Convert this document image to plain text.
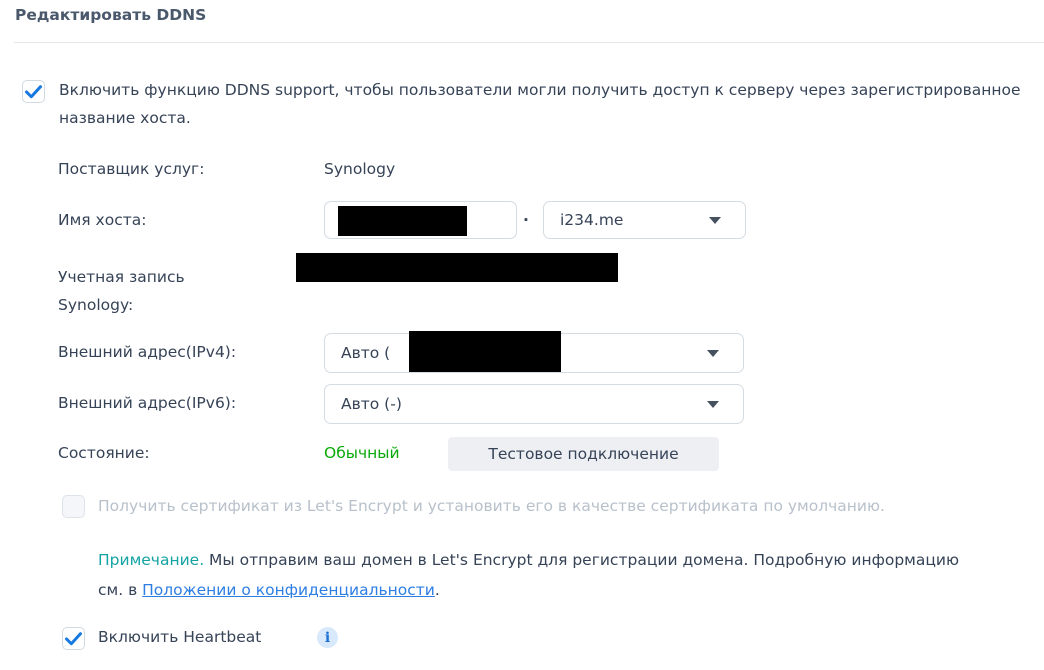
Редактировать DDNS
Включить функцию DDNS support, чтобы пользователи могли получить доступ к серверу через зарегистрированное название хоста.
Поставщик услуг:	Synology
Имя хоста:	. i234.me
Учетная запись Synology:
Внешний адрес(IPv4):	Авто (
Внешний адрес(IPv6):	Авто (-)
Состояние:	Обычный	Тестовое подключение
Получить сертификат из Let's Encrypt и установить его в качестве сертификата по умолчанию.
Примечание. Мы отправим ваш домен в Let's Encrypt для регистрации домена. Подробную информацию см. в Положении о конфиденциальности.
Включить Heartbeat	i
